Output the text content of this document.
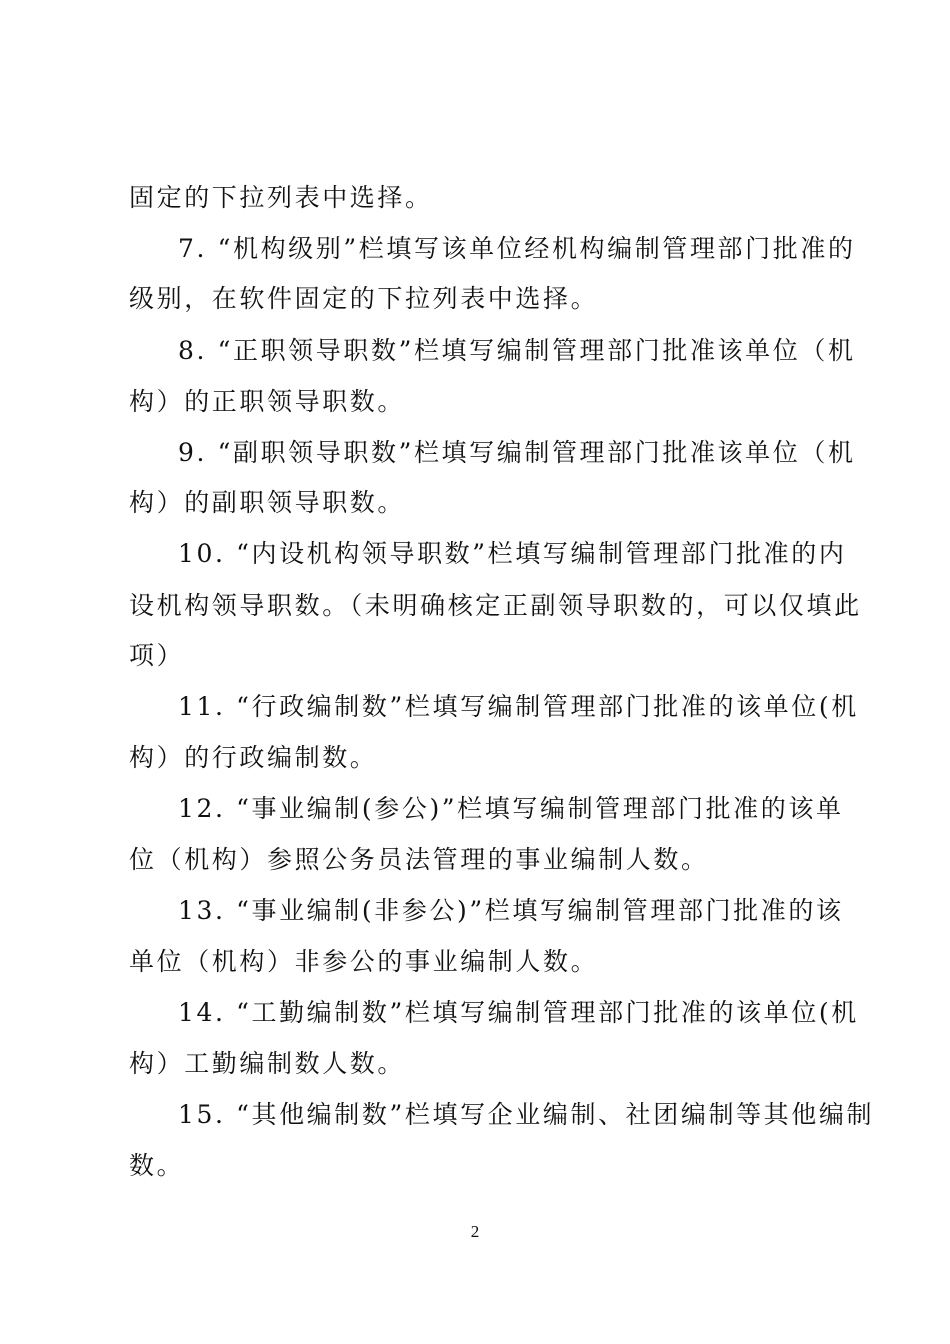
固定的下拉列表中选择。
7. “机构级别”栏填写该单位经机构编制管理部门批准的
级别，在软件固定的下拉列表中选择。
8. “正职领导职数”栏填写编制管理部门批准该单位（机
构）的正职领导职数。
9. “副职领导职数”栏填写编制管理部门批准该单位（机
构）的副职领导职数。
10. “内设机构领导职数”栏填写编制管理部门批准的内
设机构领导职数。（未明确核定正副领导职数的，可以仅填此
项）
11. “行政编制数”栏填写编制管理部门批准的该单位(机
构）的行政编制数。
12. “事业编制(参公)”栏填写编制管理部门批准的该单
位（机构）参照公务员法管理的事业编制人数。
13. “事业编制(非参公)”栏填写编制管理部门批准的该
单位（机构）非参公的事业编制人数。
14. “工勤编制数”栏填写编制管理部门批准的该单位(机
构）工勤编制数人数。
15. “其他编制数”栏填写企业编制、社团编制等其他编制
数。
2
